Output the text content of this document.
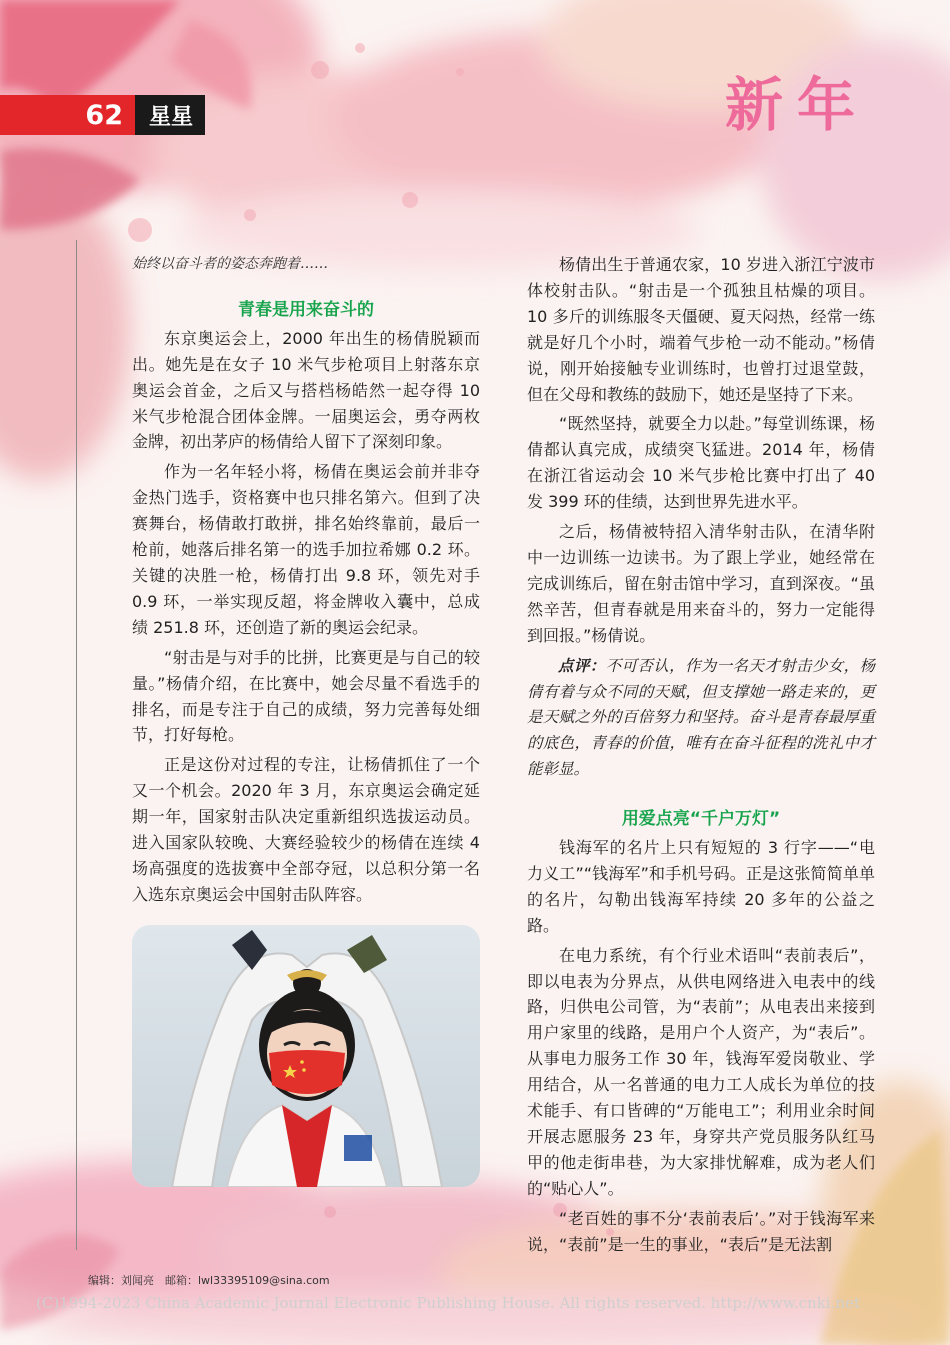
62	星星	新年

始终以奋斗者的姿态奔跑着……

青春是用来奋斗的

东京奥运会上，2000 年出生的杨倩脱颖而出。她先是在女子 10 米气步枪项目上射落东京奥运会首金，之后又与搭档杨皓然一起夺得 10 米气步枪混合团体金牌。一届奥运会，勇夺两枚金牌，初出茅庐的杨倩给人留下了深刻印象。

作为一名年轻小将，杨倩在奥运会前并非夺金热门选手，资格赛中也只排名第六。但到了决赛舞台，杨倩敢打敢拼，排名始终靠前，最后一枪前，她落后排名第一的选手加拉希娜 0.2 环。关键的决胜一枪，杨倩打出 9.8 环，领先对手 0.9 环，一举实现反超，将金牌收入囊中，总成绩 251.8 环，还创造了新的奥运会纪录。

“射击是与对手的比拼，比赛更是与自己的较量。”杨倩介绍，在比赛中，她会尽量不看选手的排名，而是专注于自己的成绩，努力完善每处细节，打好每枪。

正是这份对过程的专注，让杨倩抓住了一个又一个机会。2020 年 3 月，东京奥运会确定延期一年，国家射击队决定重新组织选拔运动员。进入国家队较晚、大赛经验较少的杨倩在连续 4 场高强度的选拔赛中全部夺冠，以总积分第一名入选东京奥运会中国射击队阵容。

杨倩出生于普通农家，10 岁进入浙江宁波市体校射击队。“射击是一个孤独且枯燥的项目。10 多斤的训练服冬天僵硬、夏天闷热，经常一练就是好几个小时，端着气步枪一动不能动。”杨倩说，刚开始接触专业训练时，也曾打过退堂鼓，但在父母和教练的鼓励下，她还是坚持了下来。

“既然坚持，就要全力以赴。”每堂训练课，杨倩都认真完成，成绩突飞猛进。2014 年，杨倩在浙江省运动会 10 米气步枪比赛中打出了 40 发 399 环的佳绩，达到世界先进水平。

之后，杨倩被特招入清华射击队，在清华附中一边训练一边读书。为了跟上学业，她经常在完成训练后，留在射击馆中学习，直到深夜。“虽然辛苦，但青春就是用来奋斗的，努力一定能得到回报。”杨倩说。

点评：不可否认，作为一名天才射击少女，杨倩有着与众不同的天赋，但支撑她一路走来的，更是天赋之外的百倍努力和坚持。奋斗是青春最厚重的底色，青春的价值，唯有在奋斗征程的洗礼中才能彰显。

用爱点亮“千户万灯”

钱海军的名片上只有短短的 3 行字——“电力义工”“钱海军”和手机号码。正是这张简简单单的名片，勾勒出钱海军持续 20 多年的公益之路。

在电力系统，有个行业术语叫“表前表后”，即以电表为分界点，从供电网络进入电表中的线路，归供电公司管，为“表前”；从电表出来接到用户家里的线路，是用户个人资产，为“表后”。从事电力服务工作 30 年，钱海军爱岗敬业、学用结合，从一名普通的电力工人成长为单位的技术能手、有口皆碑的“万能电工”；利用业余时间开展志愿服务 23 年，身穿共产党员服务队红马甲的他走街串巷，为大家排忧解难，成为老人们的“贴心人”。

“老百姓的事不分‘表前表后’。”对于钱海军来说，“表前”是一生的事业，“表后”是无法割

编辑：刘闻亮　邮箱：lwl33395109@sina.com
(C)1994-2023 China Academic Journal Electronic Publishing House. All rights reserved. http://www.cnki.net
